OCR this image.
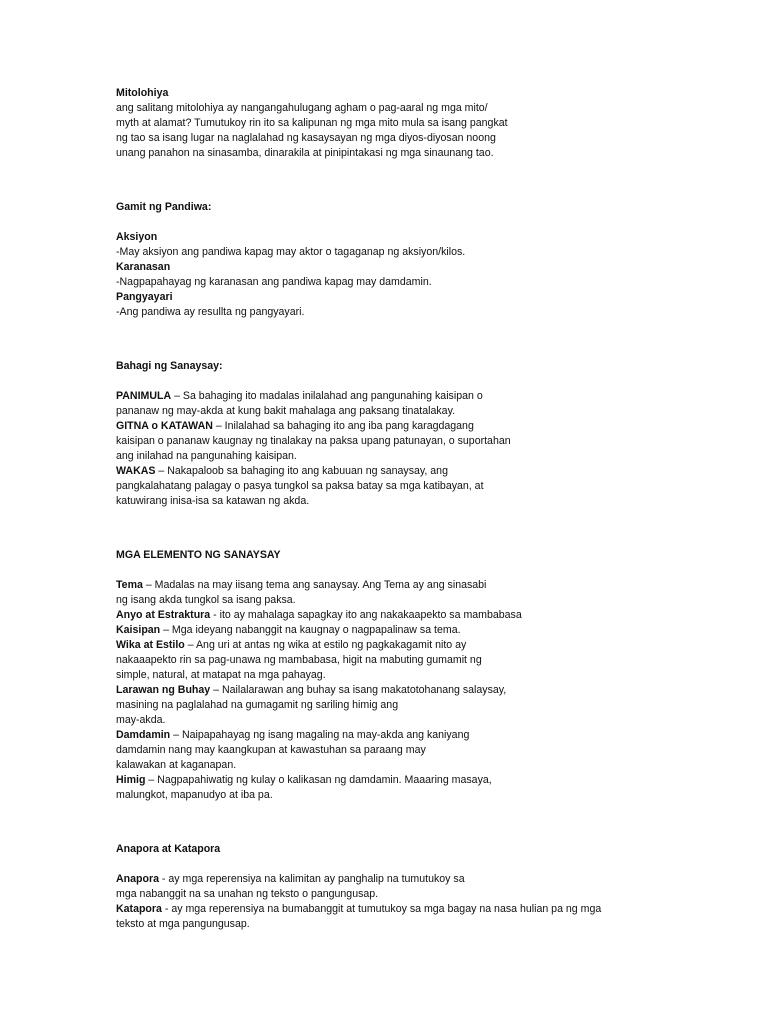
Mitolohiya
ang salitang mitolohiya ay nangangahulugang agham o pag-aaral ng mga mito/
myth at alamat? Tumutukoy rin ito sa kalipunan ng mga mito mula sa isang pangkat
ng tao sa isang lugar na naglalahad ng kasaysayan ng mga diyos-diyosan noong
unang panahon na sinasamba, dinarakila at pinipintakasi ng mga sinaunang tao.
Gamit ng Pandiwa:
Aksiyon
-May aksiyon ang pandiwa kapag may aktor o tagaganap ng aksiyon/kilos.
Karanasan
-Nagpapahayag ng karanasan ang pandiwa kapag may damdamin.
Pangyayari
-Ang pandiwa ay resullta ng pangyayari.
Bahagi ng Sanaysay:
PANIMULA – Sa bahaging ito madalas inilalahad ang pangunahing kaisipan o
pananaw ng may-akda at kung bakit mahalaga ang paksang tinatalakay.
GITNA o KATAWAN – Inilalahad sa bahaging ito ang iba pang karagdagang
kaisipan o pananaw kaugnay ng tinalakay na paksa upang patunayan, o suportahan
ang inilahad na pangunahing kaisipan.
WAKAS – Nakapaloob sa bahaging ito ang kabuuan ng sanaysay, ang
pangkalahatang palagay o pasya tungkol sa paksa batay sa mga katibayan, at
katuwirang inisa-isa sa katawan ng akda.
MGA ELEMENTO NG SANAYSAY
Tema – Madalas na may iisang tema ang sanaysay. Ang Tema ay ang sinasabi
ng isang akda tungkol sa isang paksa.
Anyo at Estraktura - ito ay mahalaga sapagkay ito ang nakakaapekto sa mambabasa
Kaisipan – Mga ideyang nabanggit na kaugnay o nagpapalinaw sa tema.
Wika at Estilo – Ang uri at antas ng wika at estilo ng pagkakagamit nito ay
nakaaapekto rin sa pag-unawa ng mambabasa, higit na mabuting gumamit ng
simple, natural, at matapat na mga pahayag.
Larawan ng Buhay – Nailalarawan ang buhay sa isang makatotohanang salaysay,
masining na paglalahad na gumagamit ng sariling himig ang
may-akda.
Damdamin – Naipapahayag ng isang magaling na may-akda ang kaniyang
damdamin nang may kaangkupan at kawastuhan sa paraang may
kalawakan at kaganapan.
Himig – Nagpapahiwatig ng kulay o kalikasan ng damdamin. Maaaring masaya,
malungkot, mapanudyo at iba pa.
Anapora at Katapora
Anapora - ay mga reperensiya na kalimitan ay panghalip na tumutukoy sa
mga nabanggit na sa unahan ng teksto o pangungusap.
Katapora - ay mga reperensiya na bumabanggit at tumutukoy sa mga bagay na nasa hulian pa ng mga
teksto at mga pangungusap.
